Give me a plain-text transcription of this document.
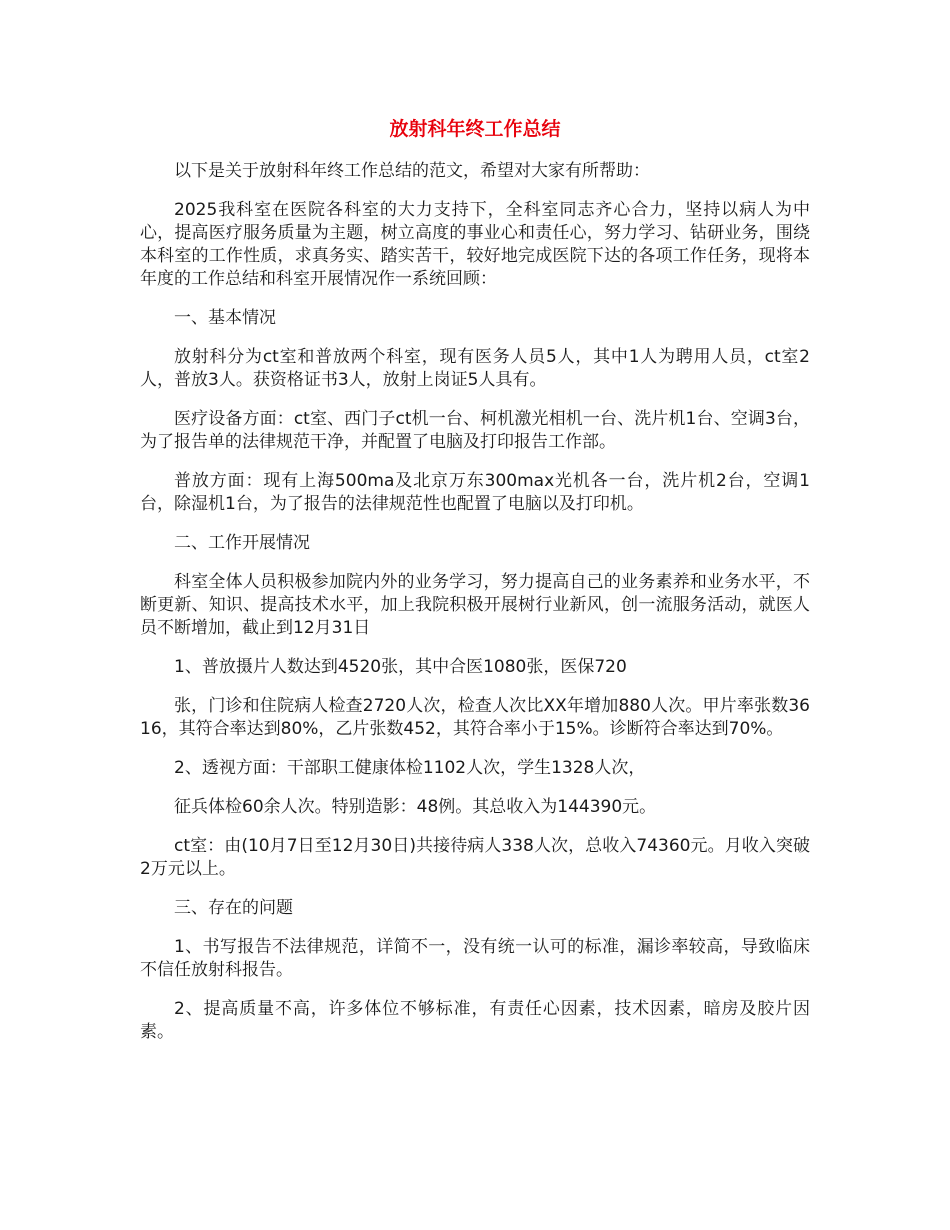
放射科年终工作总结

以下是关于放射科年终工作总结的范文，希望对大家有所帮助：

2025我科室在医院各科室的大力支持下，全科室同志齐心合力，坚持以病人为中心，提高医疗服务质量为主题，树立高度的事业心和责任心，努力学习、钻研业务，围绕本科室的工作性质，求真务实、踏实苦干，较好地完成医院下达的各项工作任务，现将本年度的工作总结和科室开展情况作一系统回顾：

一、基本情况

放射科分为ct室和普放两个科室，现有医务人员5人，其中1人为聘用人员，ct室2人，普放3人。获资格证书3人，放射上岗证5人具有。

医疗设备方面：ct室、西门子ct机一台、柯机激光相机一台、洗片机1台、空调3台，为了报告单的法律规范干净，并配置了电脑及打印报告工作部。

普放方面：现有上海500ma及北京万东300max光机各一台，洗片机2台，空调1台，除湿机1台，为了报告的法律规范性也配置了电脑以及打印机。

二、工作开展情况

科室全体人员积极参加院内外的业务学习，努力提高自己的业务素养和业务水平，不断更新、知识、提高技术水平，加上我院积极开展树行业新风，创一流服务活动，就医人员不断增加，截止到12月31日

1、普放摄片人数达到4520张，其中合医1080张，医保720

张，门诊和住院病人检查2720人次，检查人次比XX年增加880人次。甲片率张数3616，其符合率达到80%，乙片张数452，其符合率小于15%。诊断符合率达到70%。

2、透视方面：干部职工健康体检1102人次，学生1328人次，

征兵体检60余人次。特别造影：48例。其总收入为144390元。

ct室：由(10月7日至12月30日)共接待病人338人次，总收入74360元。月收入突破2万元以上。

三、存在的问题

1、书写报告不法律规范，详简不一，没有统一认可的标准，漏诊率较高，导致临床不信任放射科报告。

2、提高质量不高，许多体位不够标准，有责任心因素，技术因素，暗房及胶片因素。
